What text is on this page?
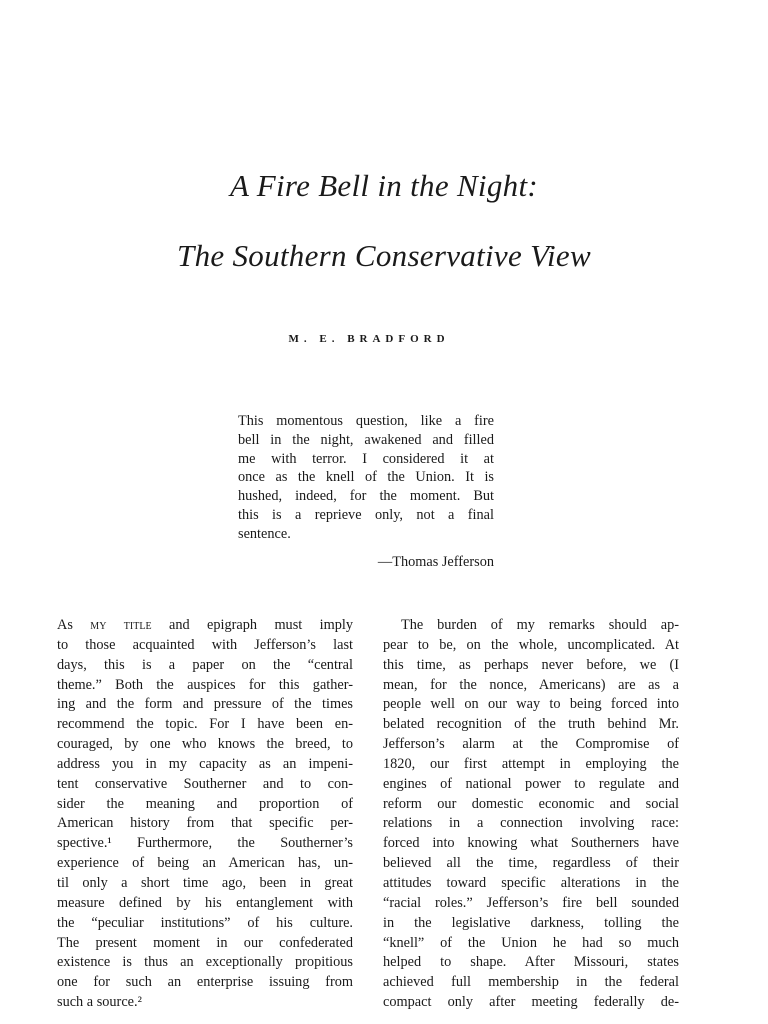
A Fire Bell in the Night:
The Southern Conservative View
M. E. BRADFORD
This momentous question, like a fire
bell in the night, awakened and filled
me with terror. I considered it at
once as the knell of the Union. It is
hushed, indeed, for the moment. But
this is a reprieve only, not a final
sentence.
—Thomas Jefferson
As my title and epigraph must imply
to those acquainted with Jefferson’s last
days, this is a paper on the “central
theme.” Both the auspices for this gather-
ing and the form and pressure of the times
recommend the topic. For I have been en-
couraged, by one who knows the breed, to
address you in my capacity as an impeni-
tent conservative Southerner and to con-
sider the meaning and proportion of
American history from that specific per-
spective.¹ Furthermore, the Southerner’s
experience of being an American has, un-
til only a short time ago, been in great
measure defined by his entanglement with
the “peculiar institutions” of his culture.
The present moment in our confederated
existence is thus an exceptionally propitious
one for such an enterprise issuing from
such a source.²
The burden of my remarks should ap-
pear to be, on the whole, uncomplicated. At
this time, as perhaps never before, we (I
mean, for the nonce, Americans) are as a
people well on our way to being forced into
belated recognition of the truth behind Mr.
Jefferson’s alarm at the Compromise of
1820, our first attempt in employing the
engines of national power to regulate and
reform our domestic economic and social
relations in a connection involving race:
forced into knowing what Southerners have
believed all the time, regardless of their
attitudes toward specific alterations in the
“racial roles.” Jefferson’s fire bell sounded
in the legislative darkness, tolling the
“knell” of the Union he had so much
helped to shape. After Missouri, states
achieved full membership in the federal
compact only after meeting federally de-
